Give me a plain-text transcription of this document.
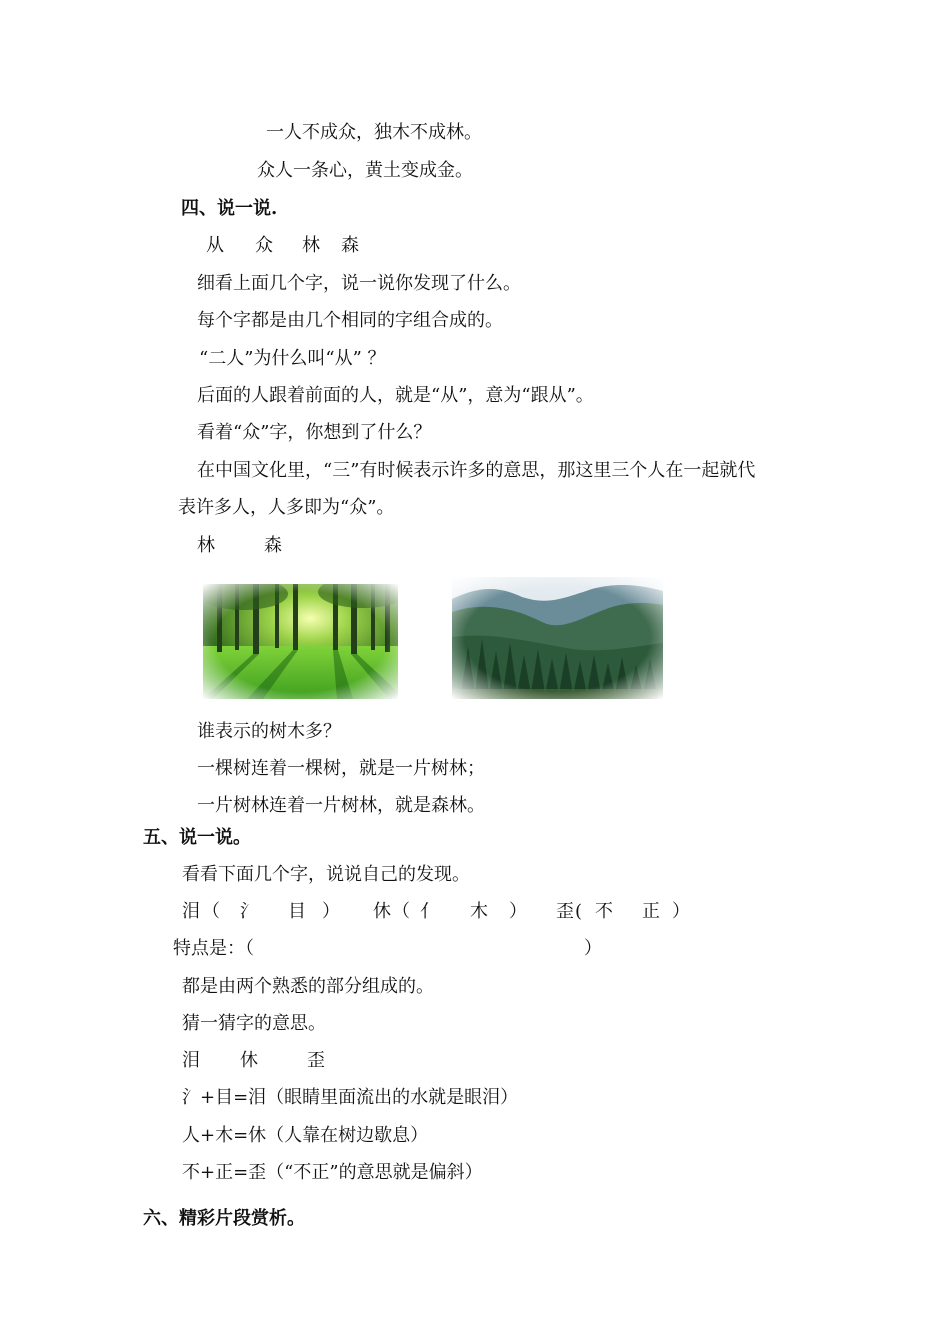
一人不成众，独木不成林。
众人一条心，黄土变成金。
四、说一说.
从 众 林 森
细看上面几个字，说一说你发现了什么。
每个字都是由几个相同的字组合成的。
“二人”为什么叫“从” ？
后面的人跟着前面的人，就是“从”，意为“跟从”。
看着“众”字，你想到了什么？
在中国文化里，“三”有时候表示许多的意思，那这里三个人在一起就代
表许多人，人多即为“众”。
林	森
谁表示的树木多？
一棵树连着一棵树，就是一片树林；
一片树林连着一片树林，就是森林。
五、说一说。
看看下面几个字，说说自己的发现。
泪 （ 氵 目 ） 休 （ 亻 木 ） 歪 ( 不 正 ）
特点是：（	）
都是由两个熟悉的部分组成的。
猜一猜字的意思。
泪 休	歪
氵+目=泪（眼睛里面流出的水就是眼泪）
人+木=休（人靠在树边歇息）
不+正=歪（“不正”的意思就是偏斜）
六、精彩片段赏析。
